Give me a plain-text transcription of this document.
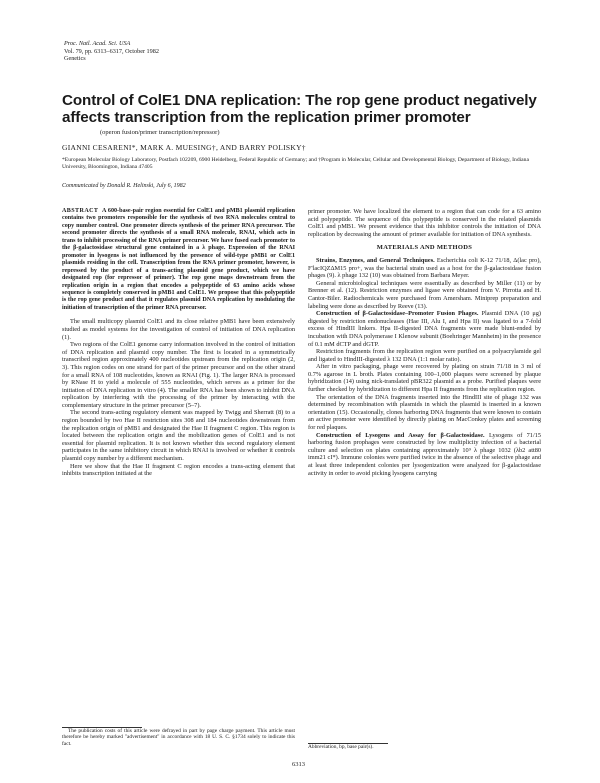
Proc. Natl. Acad. Sci. USA
Vol. 79, pp. 6313–6317, October 1982
Genetics
Control of ColE1 DNA replication: The rop gene product negatively affects transcription from the replication primer promoter
(operon fusion/primer transcription/repressor)
GIANNI CESARENI*, MARK A. MUESING†, AND BARRY POLISKY†
*European Molecular Biology Laboratory, Postfach 102209, 6900 Heidelberg, Federal Republic of Germany; and †Program in Molecular, Cellular and Developmental Biology, Department of Biology, Indiana University, Bloomington, Indiana 47405
Communicated by Donald R. Helinski, July 6, 1982

ABSTRACT A 600-base-pair region essential for ColE1 and pMB1 plasmid replication contains two promoters responsible for the synthesis of two RNA molecules central to copy number control. One promoter directs synthesis of the primer RNA precursor. The second promoter directs the synthesis of a small RNA molecule, RNAI, which acts in trans to inhibit processing of the RNA primer precursor. We have fused each promoter to the β-galactosidase structural gene contained in a λ phage. Expression of the RNAI promoter in lysogens is not influenced by the presence of wild-type pMB1 or ColE1 plasmids residing in the cell. Transcription from the RNA primer promoter, however, is repressed by the product of a trans-acting plasmid gene product, which we have designated rop (for repressor of primer). The rop gene maps downstream from the replication origin in a region that encodes a polypeptide of 63 amino acids whose sequence is completely conserved in pMB1 and ColE1. We propose that this polypeptide is the rop gene product and that it regulates plasmid DNA replication by modulating the initiation of transcription of the primer RNA precursor.

The small multicopy plasmid ColE1 and its close relative pMB1 have been extensively studied as model systems for the investigation of control of initiation of DNA replication (1).

Two regions of the ColE1 genome carry information involved in the control of initiation of DNA replication and plasmid copy number. The first is located in a symmetrically transcribed region approximately 400 nucleotides upstream from the replication origin (2, 3). This region codes on one strand for part of the primer precursor and on the other strand for a small RNA of 108 nucleotides, known as RNAI (Fig. 1). The larger RNA is processed by RNase H to yield a molecule of 555 nucleotides, which serves as a primer for the initiation of DNA replication in vitro (4). The smaller RNA has been shown to inhibit DNA replication by interfering with the processing of the primer by interacting with the complementary structure in the primer precursor (5–7).

The second trans-acting regulatory element was mapped by Twigg and Sherratt (8) to a region bounded by two Hae II restriction sites 308 and 184 nucleotides downstream from the replication origin of pMB1 and designated the Hae II fragment C region. This region is located between the replication origin and the mobilization genes of ColE1 and is not essential for plasmid replication. It is not known whether this second regulatory element participates in the same inhibitory circuit in which RNAI is involved or whether it controls plasmid copy number by a different mechanism.

Here we show that the Hae II fragment C region encodes a trans-acting element that inhibits transcription initiated at the

The publication costs of this article were defrayed in part by page charge payment. This article must therefore be hereby marked "advertisement" in accordance with 18 U. S. C. §1734 solely to indicate this fact.

primer promoter. We have localized the element to a region that can code for a 63 amino acid polypeptide. The sequence of this polypeptide is conserved in the related plasmids ColE1 and pMB1. We present evidence that this inhibitor controls the initiation of DNA replication by decreasing the amount of primer available for initiation of DNA synthesis.

MATERIALS AND METHODS

Strains, Enzymes, and General Techniques. Escherichia coli K-12 71/18, Δ(lac pro), F'lacIQZΔM15 pro+, was the bacterial strain used as a host for the β-galactosidase fusion phages (9). λ phage 132 (10) was obtained from Barbara Meyer.

General microbiological techniques were essentially as described by Miller (11) or by Brenner et al. (12). Restriction enzymes and ligase were obtained from V. Pirrotta and H. Cantor-Biler. Radiochemicals were purchased from Amersham. Miniprep preparation and labeling were done as described by Reeve (13).

Construction of β-Galactosidase–Promoter Fusion Phages. Plasmid DNA (10 μg) digested by restriction endonucleases (Hae III, Alu I, and Hpa II) was ligated to a 7-fold excess of HindIII linkers. Hpa II-digested DNA fragments were made blunt-ended by incubation with DNA polymerase I Klenow subunit (Boehringer Mannheim) in the presence of 0.1 mM dCTP and dGTP.

Restriction fragments from the replication region were purified on a polyacrylamide gel and ligated to HindIII-digested λ 132 DNA (1:1 molar ratio).

After in vitro packaging, phage were recovered by plating on strain 71/18 in 3 ml of 0.7% agarose in L broth. Plates containing 100–1,000 plaques were screened by plaque hybridization (14) using nick-translated pBR322 plasmid as a probe. Purified plaques were further checked by hybridization to different Hpa II fragments from the replication region.

The orientation of the DNA fragments inserted into the HindIII site of phage 132 was determined by recombination with plasmids in which the plasmid is inserted in a known orientation (15). Occasionally, clones harboring DNA fragments that were known to contain an active promoter were identified by directly plating on MacConkey plates and screening for red plaques.

Construction of Lysogens and Assay for β-Galactosidase. Lysogens of 71/15 harboring fusion prophages were constructed by low multiplicity infection of a bacterial culture and selection on plates containing approximately 10⁹ λ phage 1032 (λb2 att80 imm21 cI*). Immune colonies were purified twice in the absence of the selective phage and at least three independent colonies per lysogenization were analyzed for β-galactosidase activity in order to avoid picking lysogens carrying

Abbreviation, bp, base pair(s).

6313
